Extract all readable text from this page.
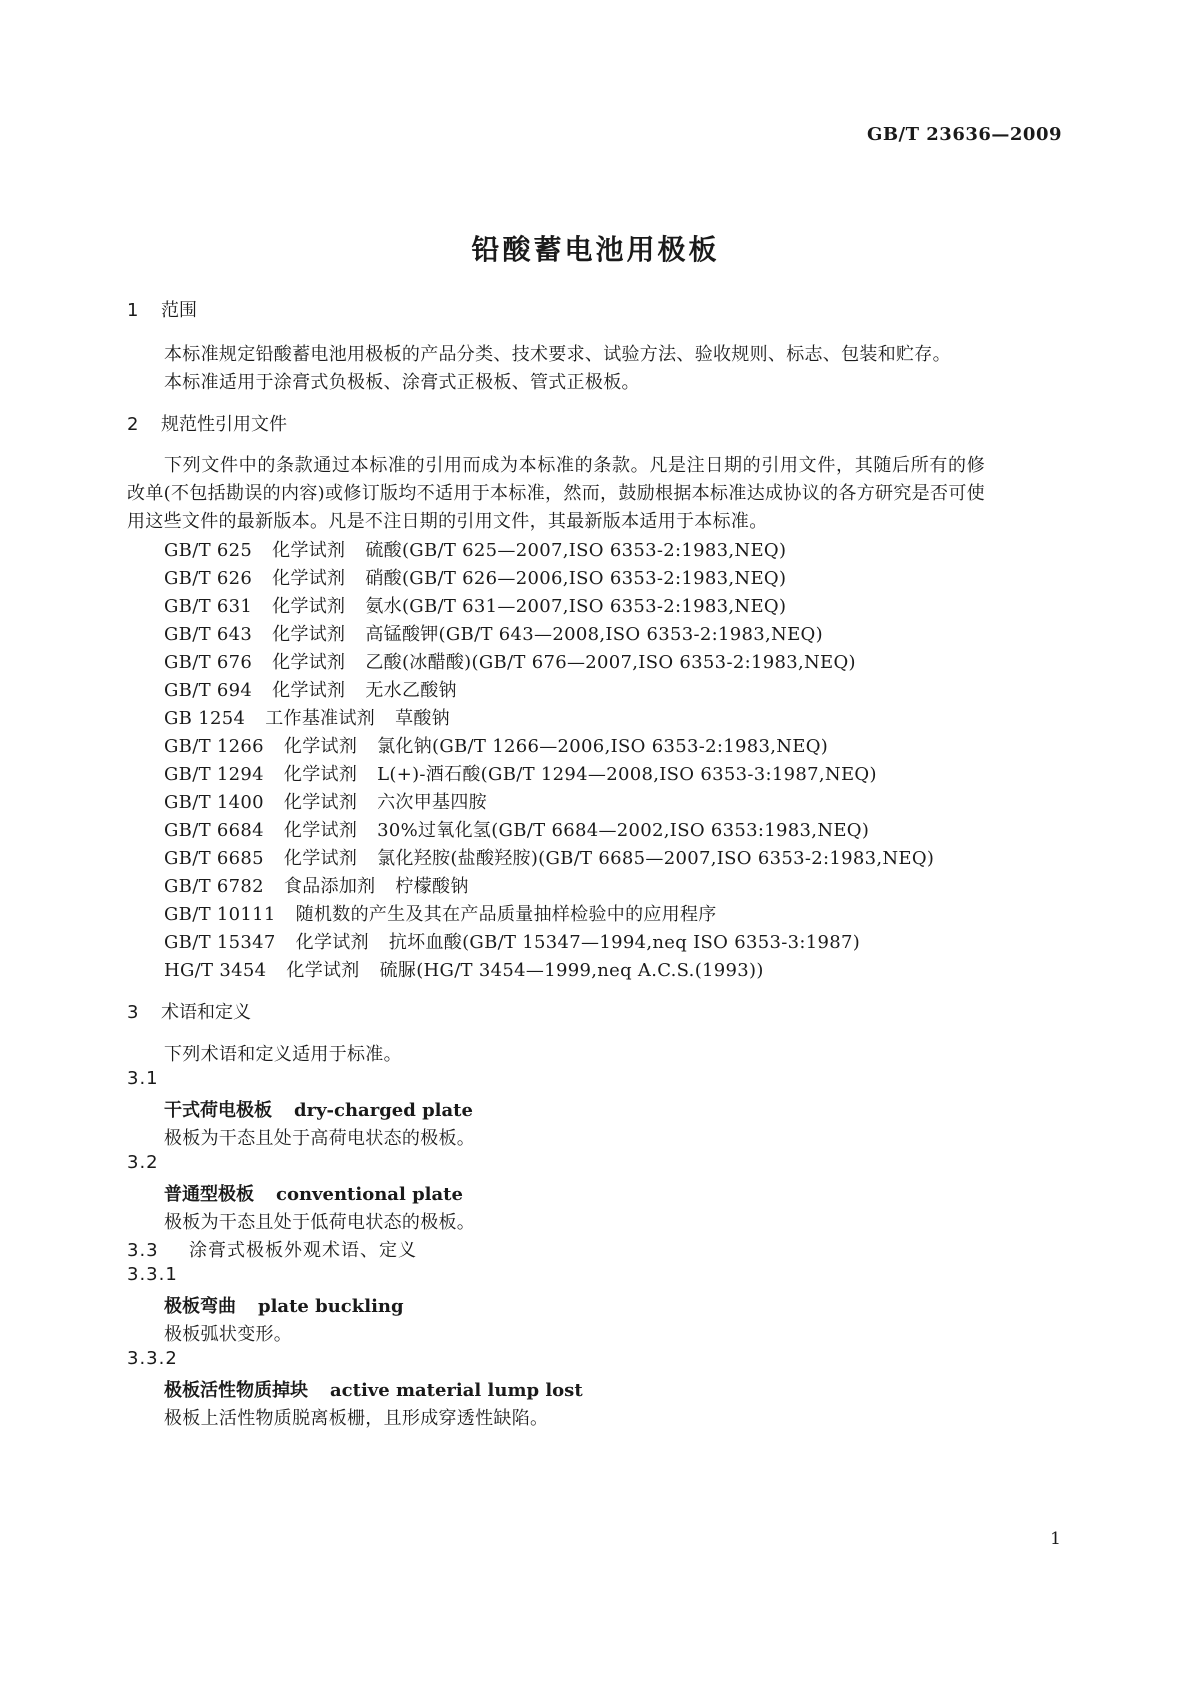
GB/T 23636—2009
铅酸蓄电池用极板
1 范围
本标准规定铅酸蓄电池用极板的产品分类、技术要求、试验方法、验收规则、标志、包装和贮存。
本标准适用于涂膏式负极板、涂膏式正极板、管式正极板。
2 规范性引用文件
下列文件中的条款通过本标准的引用而成为本标准的条款。凡是注日期的引用文件，其随后所有的修改单(不包括勘误的内容)或修订版均不适用于本标准，然而，鼓励根据本标准达成协议的各方研究是否可使用这些文件的最新版本。凡是不注日期的引用文件，其最新版本适用于本标准。
GB/T 625 化学试剂 硫酸(GB/T 625—2007,ISO 6353-2:1983,NEQ)
GB/T 626 化学试剂 硝酸(GB/T 626—2006,ISO 6353-2:1983,NEQ)
GB/T 631 化学试剂 氨水(GB/T 631—2007,ISO 6353-2:1983,NEQ)
GB/T 643 化学试剂 高锰酸钾(GB/T 643—2008,ISO 6353-2:1983,NEQ)
GB/T 676 化学试剂 乙酸(冰醋酸)(GB/T 676—2007,ISO 6353-2:1983,NEQ)
GB/T 694 化学试剂 无水乙酸钠
GB 1254 工作基准试剂 草酸钠
GB/T 1266 化学试剂 氯化钠(GB/T 1266—2006,ISO 6353-2:1983,NEQ)
GB/T 1294 化学试剂 L(+)-酒石酸(GB/T 1294—2008,ISO 6353-3:1987,NEQ)
GB/T 1400 化学试剂 六次甲基四胺
GB/T 6684 化学试剂 30%过氧化氢(GB/T 6684—2002,ISO 6353:1983,NEQ)
GB/T 6685 化学试剂 氯化羟胺(盐酸羟胺)(GB/T 6685—2007,ISO 6353-2:1983,NEQ)
GB/T 6782 食品添加剂 柠檬酸钠
GB/T 10111 随机数的产生及其在产品质量抽样检验中的应用程序
GB/T 15347 化学试剂 抗坏血酸(GB/T 15347—1994,neq ISO 6353-3:1987)
HG/T 3454 化学试剂 硫脲(HG/T 3454—1999,neq A.C.S.(1993))
3 术语和定义
下列术语和定义适用于标准。
3.1
干式荷电极板 dry-charged plate
极板为干态且处于高荷电状态的极板。
3.2
普通型极板 conventional plate
极板为干态且处于低荷电状态的极板。
3.3 涂膏式极板外观术语、定义
3.3.1
极板弯曲 plate buckling
极板弧状变形。
3.3.2
极板活性物质掉块 active material lump lost
极板上活性物质脱离板栅，且形成穿透性缺陷。
1
